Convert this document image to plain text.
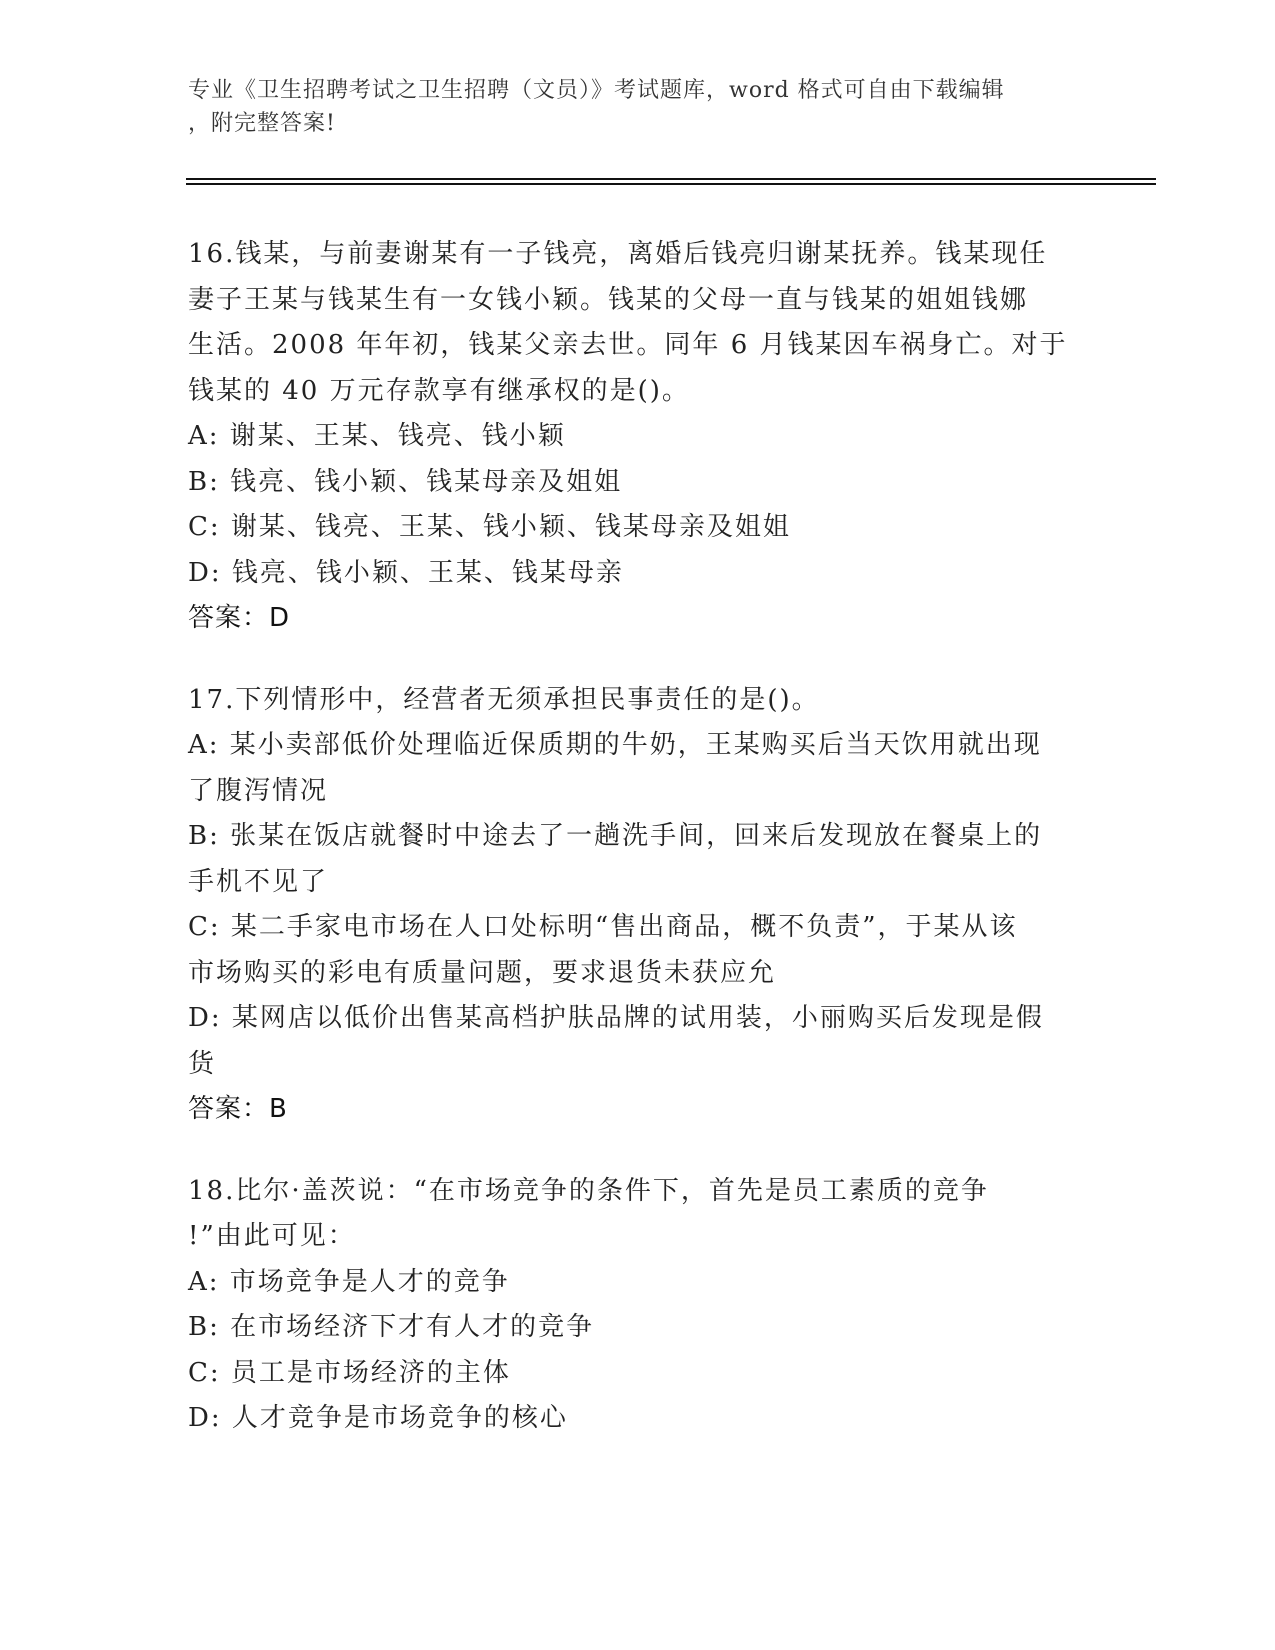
专业《卫生招聘考试之卫生招聘（文员）》考试题库，word 格式可自由下载编辑
，附完整答案!
16.钱某，与前妻谢某有一子钱亮，离婚后钱亮归谢某抚养。钱某现任
妻子王某与钱某生有一女钱小颖。钱某的父母一直与钱某的姐姐钱娜
生活。2008 年年初，钱某父亲去世。同年 6 月钱某因车祸身亡。对于
钱某的 40 万元存款享有继承权的是()。
A: 谢某、王某、钱亮、钱小颖
B: 钱亮、钱小颖、钱某母亲及姐姐
C: 谢某、钱亮、王某、钱小颖、钱某母亲及姐姐
D: 钱亮、钱小颖、王某、钱某母亲
答案：D
17.下列情形中，经营者无须承担民事责任的是()。
A: 某小卖部低价处理临近保质期的牛奶，王某购买后当天饮用就出现
了腹泻情况
B: 张某在饭店就餐时中途去了一趟洗手间，回来后发现放在餐桌上的
手机不见了
C: 某二手家电市场在人口处标明“售出商品，概不负责”，于某从该
市场购买的彩电有质量问题，要求退货未获应允
D: 某网店以低价出售某高档护肤品牌的试用装，小丽购买后发现是假
货
答案：B
18.比尔·盖茨说：“在市场竞争的条件下，首先是员工素质的竞争
!”由此可见：
A: 市场竞争是人才的竞争
B: 在市场经济下才有人才的竞争
C: 员工是市场经济的主体
D: 人才竞争是市场竞争的核心
